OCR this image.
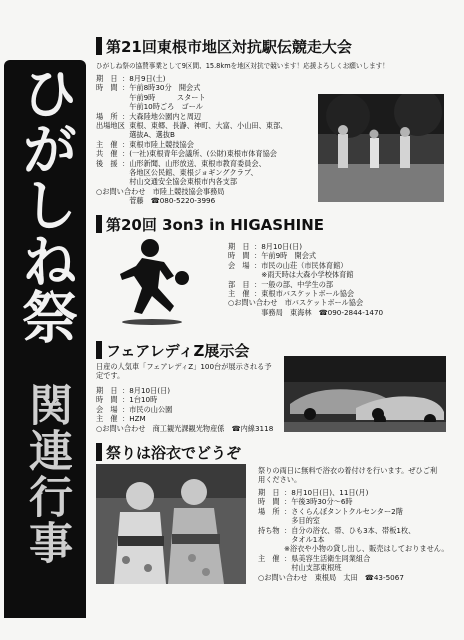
ひがしね祭
関連行事
第21回東根市地区対抗駅伝競走大会
ひがしね祭の協賛事業として9区間、15.8kmを地区対抗で競います！応援よろしくお願いします！
期　日 ：8月9日(土)
時　間 ：午前8時30分　開会式
　午前9時　　　スタート
　午前10時ごろ　ゴール
場　所 ：大森陸地公園内と周辺
出場地区：東根、東郷、長瀞、神町、大富、小山田、東部、
　選抜A、選抜B
主　催 ：東根市陸上競技協会
共　催 ：(一社)東根青年会議所、(公財)東根市体育協会
後　援 ：山形新聞、山形放送、東根市教育委員会、
　各地区公民館、東根ジョギングクラブ、
　村山交通安全協会東根市内各支部
○お問い合わせ　市陸上競技協会事務局
　菅藤　☎080-5220-3996
第20回 3on3 in HIGASHINE
期　日 ：8月10日(日)
時　間 ：午前9時　開会式
会　場 ：市民の山荘（市民体育館）
　※雨天時は大森小学校体育館
部　目 ：一般の部、中学生の部
主　催 ：東根市バスケットボール協会
○お問い合わせ　市バスケットボール協会
　事務局　東海林　☎090-2844-1470
フェアレディZ展示会
日産の人気車「フェアレディZ」100台が展示される予定です。
期　日 ：8月10日(日)
時　間 ：1台10時
会　場 ：市民の山公園
主　催 ：HZM
○お問い合わせ　商工観光課観光物産係　☎内線3118
祭りは浴衣でどうぞ
祭りの両日に無料で浴衣の着付けを行います。ぜひご利用ください。
期　日 ：8月10日(日)、11日(月)
時　間 ：午後3時30分～6時
場　所 ：さくらんぼタントクルセンター2階
　多目的室
持ち物 ：自分の浴衣、帯、ひも3本、帯板1枚、
　タオル1本
※浴衣や小物の貸し出し、販売はしておりません。
主　催 ：県美容生活衛生同業組合
　村山支部東根班
○お問い合わせ　東根局　太田　☎43-5067
